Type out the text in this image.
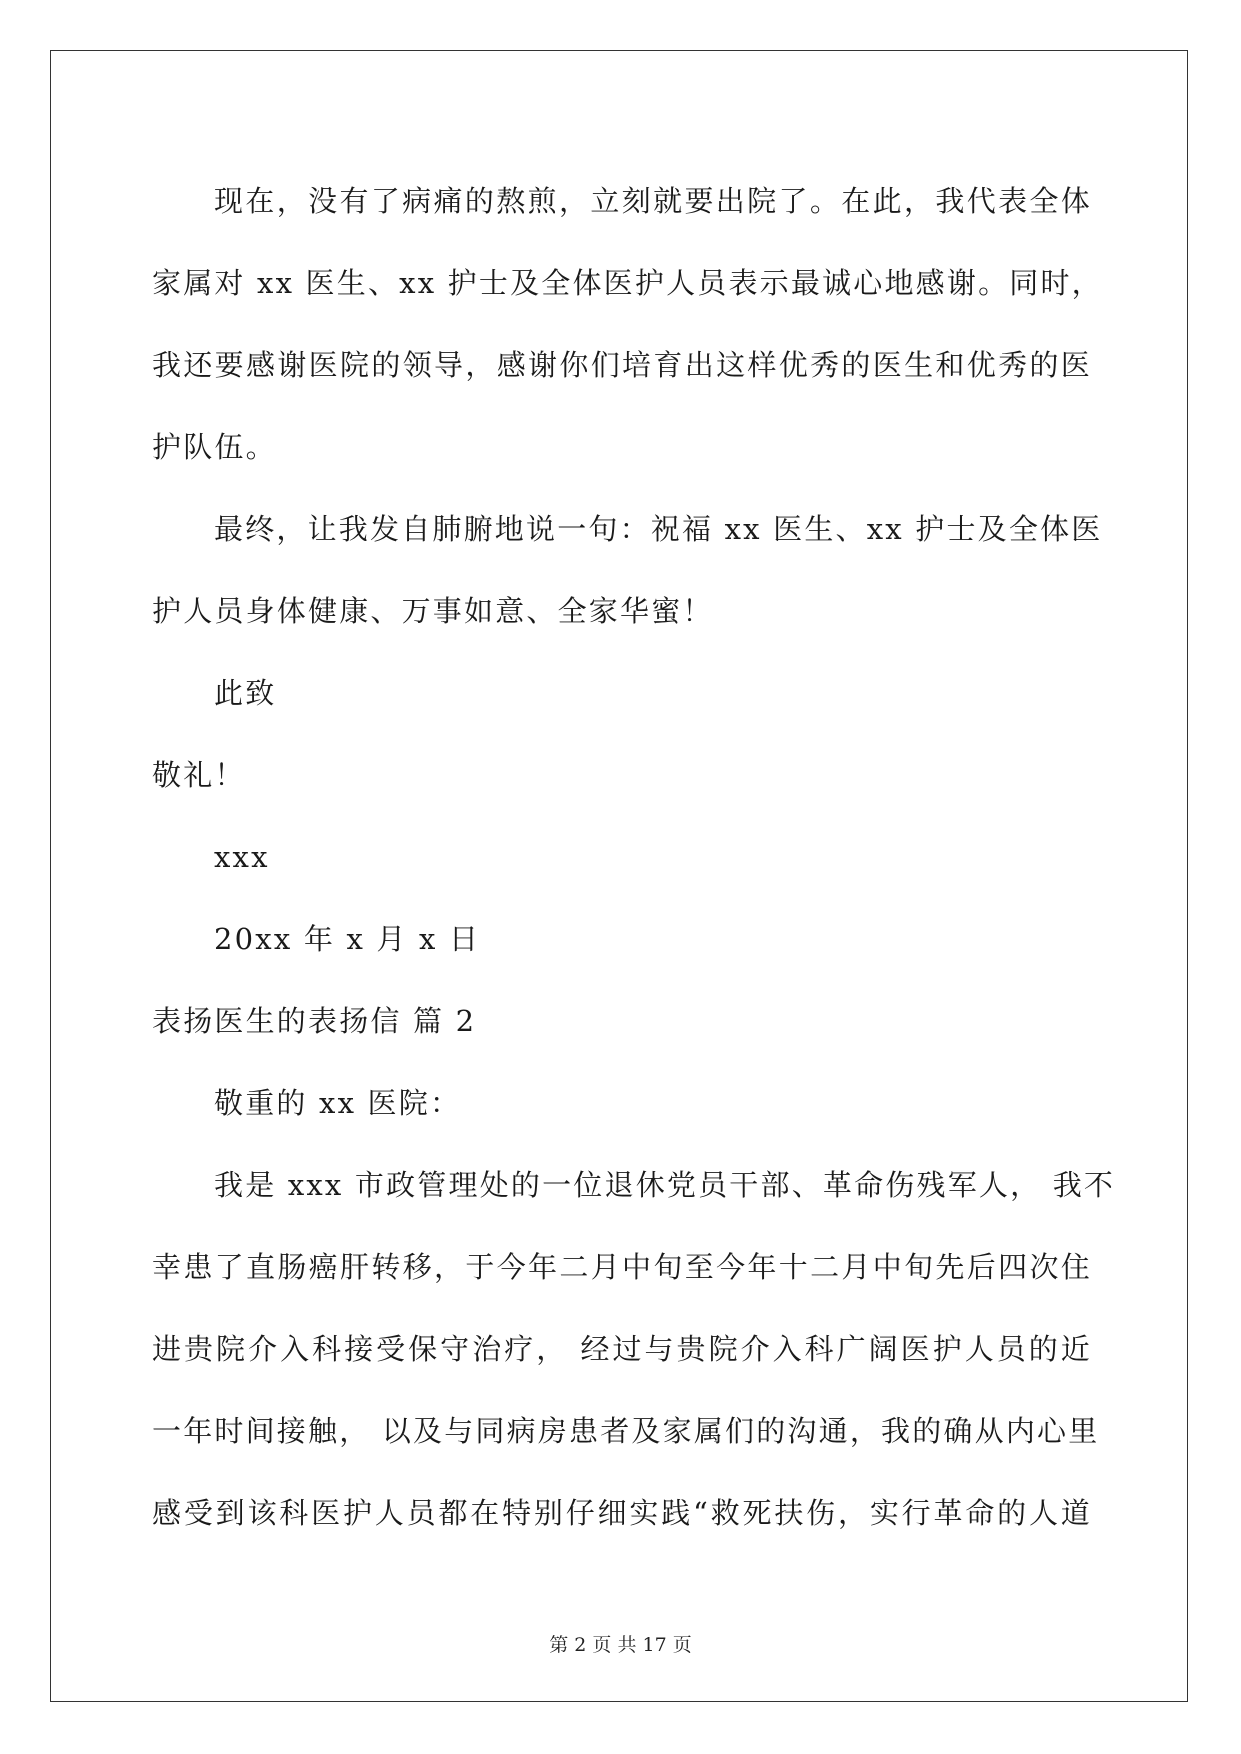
现在，没有了病痛的熬煎，立刻就要出院了。在此，我代表全体
家属对 xx 医生、xx 护士及全体医护人员表示最诚心地感谢。同时，
我还要感谢医院的领导，感谢你们培育出这样优秀的医生和优秀的医
护队伍。
最终，让我发自肺腑地说一句：祝福 xx 医生、xx 护士及全体医
护人员身体健康、万事如意、全家华蜜！
此致
敬礼！
xxx
20xx 年 x 月 x 日
表扬医生的表扬信 篇 2
敬重的 xx 医院：
我是 xxx 市政管理处的一位退休党员干部、革命伤残军人， 我不
幸患了直肠癌肝转移，于今年二月中旬至今年十二月中旬先后四次住
进贵院介入科接受保守治疗， 经过与贵院介入科广阔医护人员的近
一年时间接触， 以及与同病房患者及家属们的沟通，我的确从内心里
感受到该科医护人员都在特别仔细实践“救死扶伤，实行革命的人道
第 2 页 共 17 页
